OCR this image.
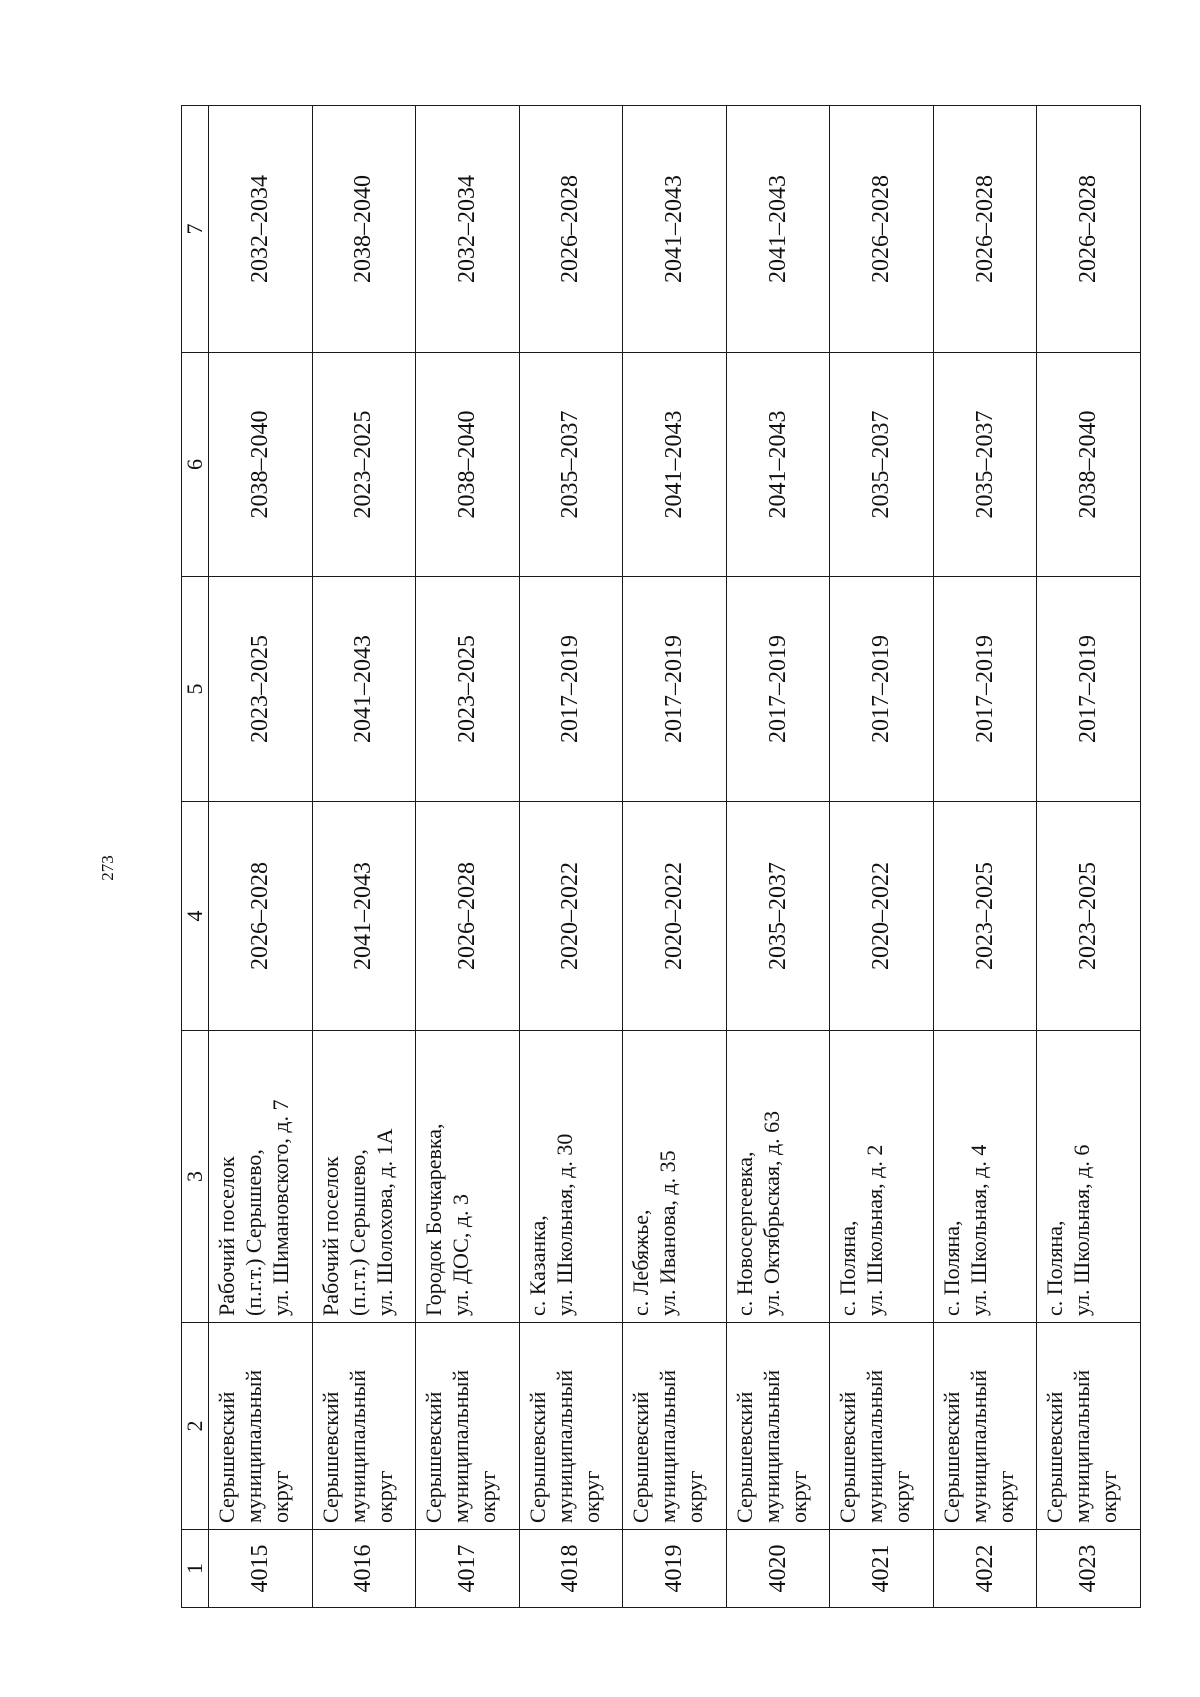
273
1	2	3	4	5	6	7
4015	Серышевский
муниципальный
округ	Рабочий поселок
(п.г.т.) Серышево,
ул. Шимановского, д. 7	2026–2028	2023–2025	2038–2040	2032–2034
4016	Серышевский
муниципальный
округ	Рабочий поселок
(п.г.т.) Серышево,
ул. Шолохова, д. 1А	2041–2043	2041–2043	2023–2025	2038–2040
4017	Серышевский
муниципальный
округ	Городок Бочкаревка,
ул. ДОС, д. 3	2026–2028	2023–2025	2038–2040	2032–2034
4018	Серышевский
муниципальный
округ	с. Казанка,
ул. Школьная, д. 30	2020–2022	2017–2019	2035–2037	2026–2028
4019	Серышевский
муниципальный
округ	с. Лебяжье,
ул. Иванова, д. 35	2020–2022	2017–2019	2041–2043	2041–2043
4020	Серышевский
муниципальный
округ	с. Новосергеевка,
ул. Октябрьская, д. 63	2035–2037	2017–2019	2041–2043	2041–2043
4021	Серышевский
муниципальный
округ	с. Поляна,
ул. Школьная, д. 2	2020–2022	2017–2019	2035–2037	2026–2028
4022	Серышевский
муниципальный
округ	с. Поляна,
ул. Школьная, д. 4	2023–2025	2017–2019	2035–2037	2026–2028
4023	Серышевский
муниципальный
округ	с. Поляна,
ул. Школьная, д. 6	2023–2025	2017–2019	2038–2040	2026–2028
